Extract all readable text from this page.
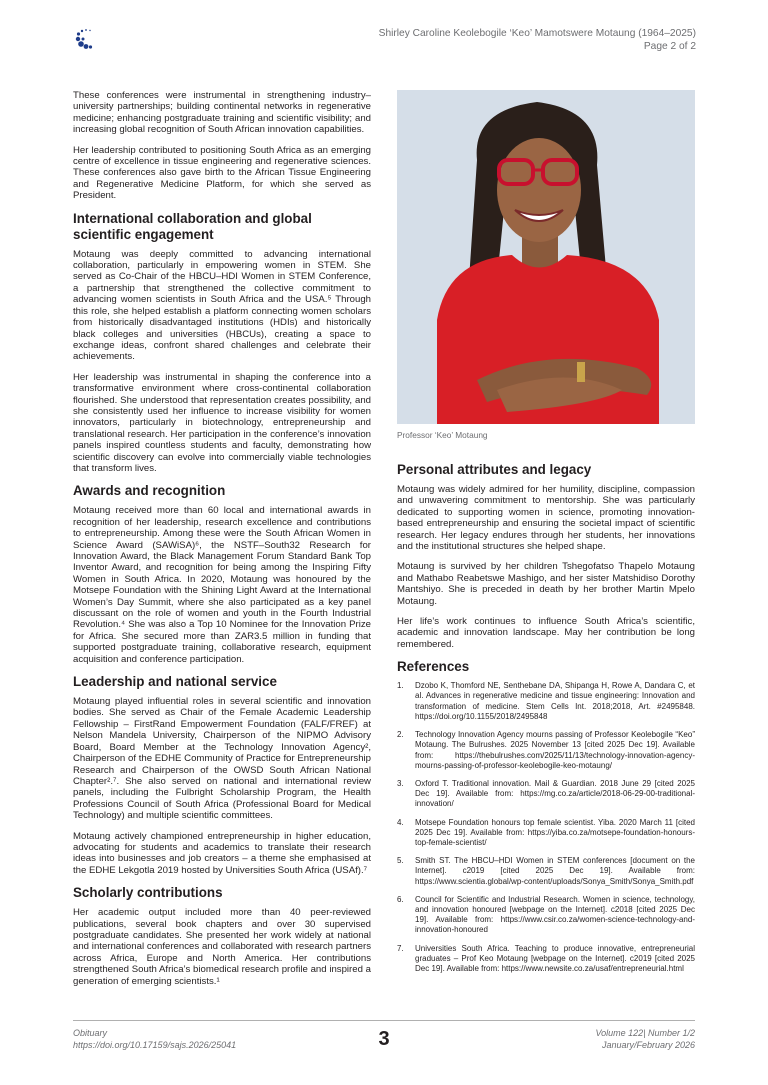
Shirley Caroline Keolebogile ‘Keo’ Mamotswere Motaung (1964–2025)
Page 2 of 2

These conferences were instrumental in strengthening industry–university partnerships; building continental networks in regenerative medicine; enhancing postgraduate training and scientific visibility; and increasing global recognition of South African innovation capabilities.

Her leadership contributed to positioning South Africa as an emerging centre of excellence in tissue engineering and regenerative sciences. These conferences also gave birth to the African Tissue Engineering and Regenerative Medicine Platform, for which she served as President.

International collaboration and global scientific engagement

Motaung was deeply committed to advancing international collaboration, particularly in empowering women in STEM. She served as Co-Chair of the HBCU–HDI Women in STEM Conference, a partnership that strengthened the collective commitment to advancing women scientists in South Africa and the USA.⁵ Through this role, she helped establish a platform connecting women scholars from historically disadvantaged institutions (HDIs) and historically black colleges and universities (HBCUs), creating a space to exchange ideas, confront shared challenges and celebrate their achievements.

Her leadership was instrumental in shaping the conference into a transformative environment where cross-continental collaboration flourished. She understood that representation creates possibility, and she consistently used her influence to increase visibility for women innovators, particularly in biotechnology, entrepreneurship and translational research. Her participation in the conference’s innovation panels inspired countless students and faculty, demonstrating how scientific discovery can evolve into commercially viable technologies that transform lives.

Awards and recognition

Motaung received more than 60 local and international awards in recognition of her leadership, research excellence and contributions to entrepreneurship. Among these were the South African Women in Science Award (SAWiSA)⁶, the NSTF–South32 Research for Innovation Award, the Black Management Forum Standard Bank Top Inventor Award, and recognition for being among the Inspiring Fifty Women in South Africa. In 2020, Motaung was honoured by the Motsepe Foundation with the Shining Light Award at the International Women’s Day Summit, where she also participated as a key panel discussant on the role of women and youth in the Fourth Industrial Revolution.⁴ She was also a Top 10 Nominee for the Innovation Prize for Africa. She secured more than ZAR3.5 million in funding that supported postgraduate training, collaborative research, equipment acquisition and conference participation.

Leadership and national service

Motaung played influential roles in several scientific and innovation bodies. She served as Chair of the Female Academic Leadership Fellowship – FirstRand Empowerment Foundation (FALF/FREF) at Nelson Mandela University, Chairperson of the NIPMO Advisory Board, Board Member at the Technology Innovation Agency², Chairperson of the EDHE Community of Practice for Entrepreneurship Research and Chairperson of the OWSD South African National Chapter².⁷. She also served on national and international review panels, including the Fulbright Scholarship Program, the Health Professions Council of South Africa (Professional Board for Medical Technology) and multiple scientific committees.

Motaung actively championed entrepreneurship in higher education, advocating for students and academics to translate their research ideas into businesses and job creators – a theme she emphasised at the EDHE Lekgotla 2019 hosted by Universities South Africa (USAf).⁷

Scholarly contributions

Her academic output included more than 40 peer-reviewed publications, several book chapters and over 30 supervised postgraduate candidates. She presented her work widely at national and international conferences and collaborated with research partners across Africa, Europe and North America. Her contributions strengthened South Africa’s biomedical research profile and inspired a generation of emerging scientists.¹

Professor ‘Keo’ Motaung
Personal attributes and legacy

Motaung was widely admired for her humility, discipline, compassion and unwavering commitment to mentorship. She was particularly dedicated to supporting women in science, promoting innovation-based entrepreneurship and ensuring the societal impact of scientific research. Her legacy endures through her students, her innovations and the institutional structures she helped shape.

Motaung is survived by her children Tshegofatso Thapelo Motaung and Mathabo Reabetswe Mashigo, and her sister Matshidiso Dorothy Mantshiyo. She is preceded in death by her brother Martin Mpelo Motaung.

Her life’s work continues to influence South Africa’s scientific, academic and innovation landscape. May her contribution be long remembered.

References
1. Dzobo K, Thomford NE, Senthebane DA, Shipanga H, Rowe A, Dandara C, et al. Advances in regenerative medicine and tissue engineering: Innovation and transformation of medicine. Stem Cells Int. 2018;2018, Art. #2495848. https://doi.org/10.1155/2018/2495848
2. Technology Innovation Agency mourns passing of Professor Keolebogile “Keo” Motaung. The Bulrushes. 2025 November 13 [cited 2025 Dec 19]. Available from: https://thebulrushes.com/2025/11/13/technology-innovation-agency-mourns-passing-of-professor-keolebogile-keo-motaung/
3. Oxford T. Traditional innovation. Mail & Guardian. 2018 June 29 [cited 2025 Dec 19]. Available from: https://mg.co.za/article/2018-06-29-00-traditional-innovation/
4. Motsepe Foundation honours top female scientist. Yiba. 2020 March 11 [cited 2025 Dec 19]. Available from: https://yiba.co.za/motsepe-foundation-honours-top-female-scientist/
5. Smith ST. The HBCU–HDI Women in STEM conferences [document on the Internet]. c2019 [cited 2025 Dec 19]. Available from: https://www.scientia.global/wp-content/uploads/Sonya_Smith/Sonya_Smith.pdf
6. Council for Scientific and Industrial Research. Women in science, technology, and innovation honoured [webpage on the Internet]. c2018 [cited 2025 Dec 19]. Available from: https://www.csir.co.za/women-science-technology-and-innovation-honoured
7. Universities South Africa. Teaching to produce innovative, entrepreneurial graduates – Prof Keo Motaung [webpage on the Internet]. c2019 [cited 2025 Dec 19]. Available from: https://www.newsite.co.za/usaf/entrepreneurial.html
Obituary
https://doi.org/10.17159/sajs.2026/25041	3	Volume 122| Number 1/2
January/February 2026
